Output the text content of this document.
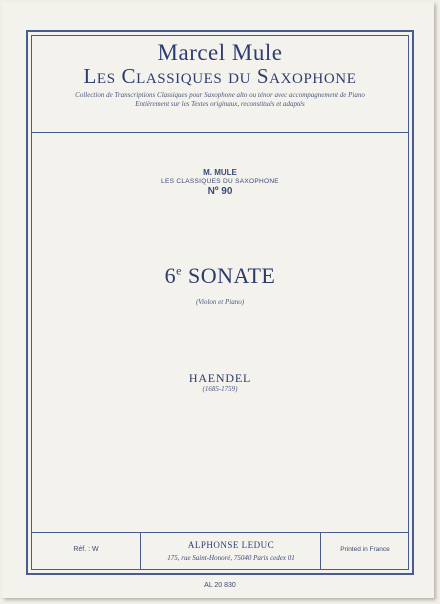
Marcel Mule
Les Classiques du Saxophone
Collection de Transcriptions Classiques pour Saxophone alto ou ténor avec accompagnement de Piano
Entièrement sur les Textes originaux, reconstitués et adaptés
M. MULE
LES CLASSIQUES DU SAXOPHONE
Nº 90
6e SONATE
(Violon et Piano)
HAENDEL
(1685-1759)
Réf. : W	ALPHONSE LEDUC
175, rue Saint-Honoré, 75040 Paris cedex 01
Printed in France
AL 20 830
